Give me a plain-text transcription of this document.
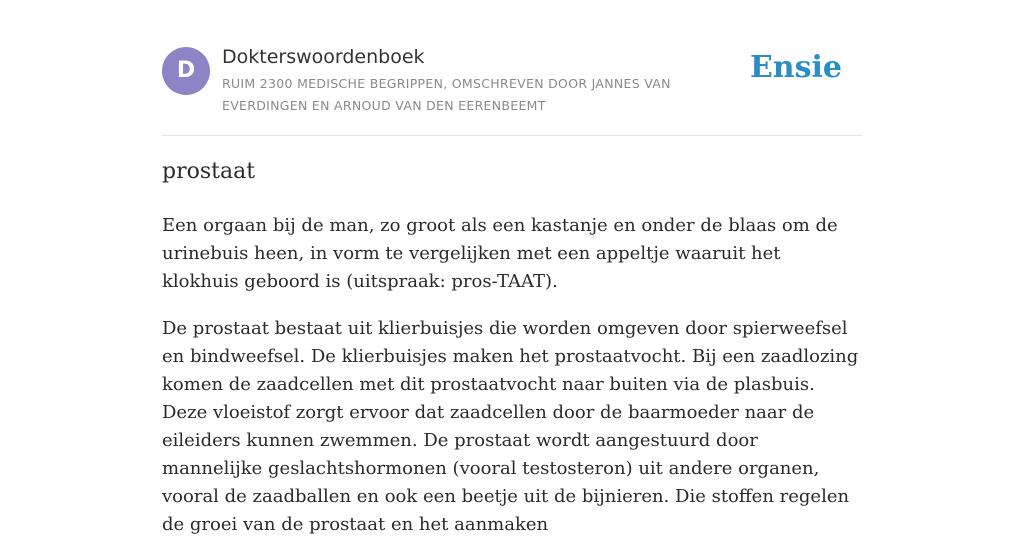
D
Dokterswoordenboek
RUIM 2300 MEDISCHE BEGRIPPEN, OMSCHREVEN DOOR JANNES VAN EVERDINGEN EN ARNOUD VAN DEN EERENBEEMT
Ensie
prostaat

Een orgaan bij de man, zo groot als een kastanje en onder de blaas om de urinebuis heen, in vorm te vergelijken met een appeltje waaruit het klokhuis geboord is (uitspraak: pros-TAAT).

De prostaat bestaat uit klierbuisjes die worden omgeven door spierweefsel en bindweefsel. De klierbuisjes maken het prostaatvocht. Bij een zaadlozing komen de zaadcellen met dit prostaatvocht naar buiten via de plasbuis. Deze vloeistof zorgt ervoor dat zaadcellen door de baarmoeder naar de eileiders kunnen zwemmen. De prostaat wordt aangestuurd door mannelijke geslachtshormonen (vooral testosteron) uit andere organen, vooral de zaadballen en ook een beetje uit de bijnieren. Die stoffen regelen de groei van de prostaat en het aanmaken
